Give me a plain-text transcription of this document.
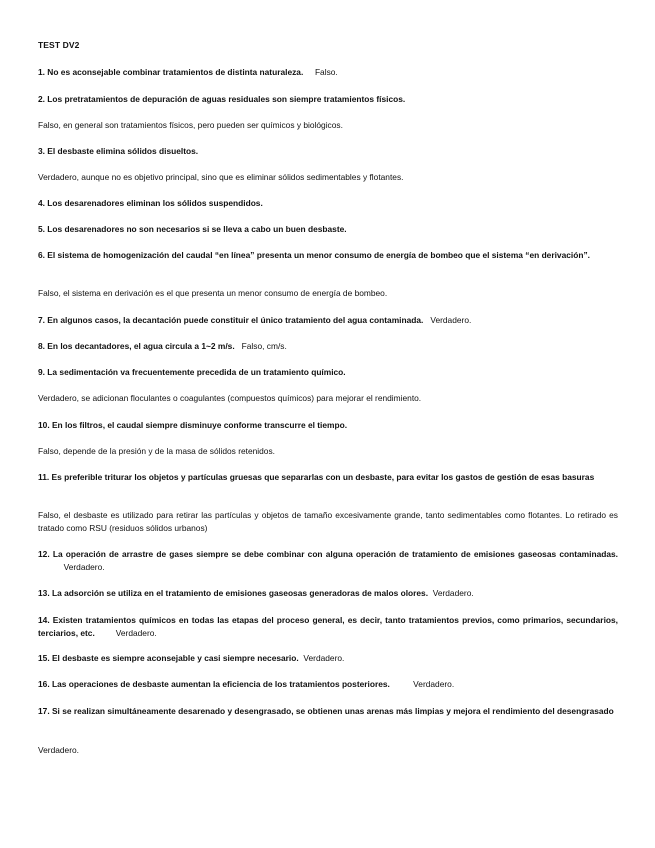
TEST DV2
1. No es aconsejable combinar tratamientos de distinta naturaleza. Falso.
2. Los pretratamientos de depuración de aguas residuales son siempre tratamientos físicos.
Falso, en general son tratamientos físicos, pero pueden ser químicos y biológicos.
3. El desbaste elimina sólidos disueltos.
Verdadero, aunque no es objetivo principal, sino que es eliminar sólidos sedimentables y flotantes.
4. Los desarenadores eliminan los sólidos suspendidos.
5. Los desarenadores no son necesarios si se lleva a cabo un buen desbaste.
6. El sistema de homogenización del caudal “en línea” presenta un menor consumo de energía de bombeo que el sistema “en derivación”.
Falso, el sistema en derivación es el que presenta un menor consumo de energía de bombeo.
7. En algunos casos, la decantación puede constituir el único tratamiento del agua contaminada. Verdadero.
8. En los decantadores, el agua circula a 1~2 m/s. Falso, cm/s.
9. La sedimentación va frecuentemente precedida de un tratamiento químico.
Verdadero, se adicionan floculantes o coagulantes (compuestos químicos) para mejorar el rendimiento.
10. En los filtros, el caudal siempre disminuye conforme transcurre el tiempo.
Falso, depende de la presión y de la masa de sólidos retenidos.
11. Es preferible triturar los objetos y partículas gruesas que separarlas con un desbaste, para evitar los gastos de gestión de esas basuras
Falso, el desbaste es utilizado para retirar las partículas y objetos de tamaño excesivamente grande, tanto sedimentables como flotantes. Lo retirado es tratado como RSU (residuos sólidos urbanos)
12. La operación de arrastre de gases siempre se debe combinar con alguna operación de tratamiento de emisiones gaseosas contaminadas.           Verdadero.
13. La adsorción se utiliza en el tratamiento de emisiones gaseosas generadoras de malos olores. Verdadero.
14. Existen tratamientos químicos en todas las etapas del proceso general, es decir, tanto tratamientos previos, como primarios, secundarios, terciarios, etc. Verdadero.
15. El desbaste es siempre aconsejable y casi siempre necesario. Verdadero.
16. Las operaciones de desbaste aumentan la eficiencia de los tratamientos posteriores.	Verdadero.
17. Si se realizan simultáneamente desarenado y desengrasado, se obtienen unas arenas más limpias y mejora el rendimiento del desengrasado
Verdadero.
